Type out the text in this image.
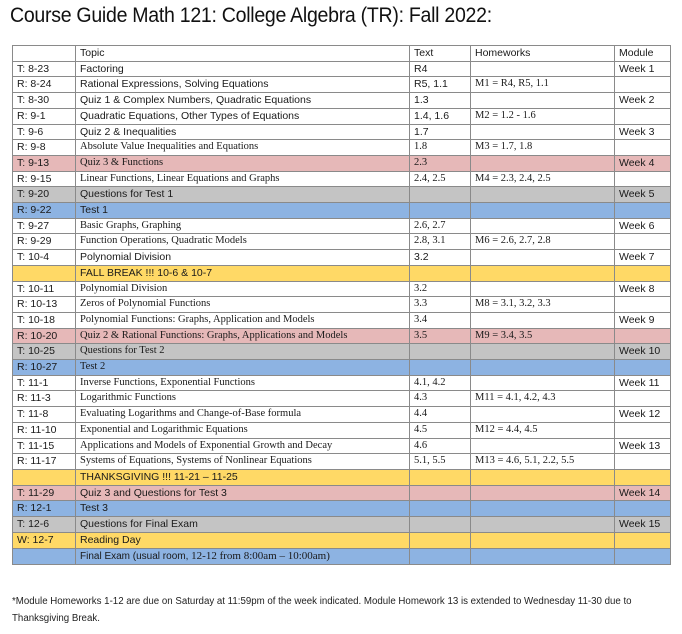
Course Guide Math 121: College Algebra (TR): Fall 2022:
	Topic	Text	Homeworks	Module
T: 8-23	Factoring	R4		Week 1
R: 8-24	Rational Expressions, Solving Equations	R5, 1.1	M1 = R4, R5, 1.1	
T: 8-30	Quiz 1 & Complex Numbers, Quadratic Equations	1.3		Week 2
R: 9-1	Quadratic Equations, Other Types of Equations	1.4, 1.6	M2 = 1.2 - 1.6	
T: 9-6	Quiz 2 & Inequalities	1.7		Week 3
R: 9-8	Absolute Value Inequalities and Equations	1.8	M3 = 1.7, 1.8	
T: 9-13	Quiz 3 & Functions	2.3		Week 4
R: 9-15	Linear Functions, Linear Equations and Graphs	2.4, 2.5	M4 = 2.3, 2.4, 2.5	
T: 9-20	Questions for Test 1			Week 5
R: 9-22	Test 1			
T: 9-27	Basic Graphs, Graphing	2.6, 2.7		Week 6
R: 9-29	Function Operations, Quadratic Models	2.8, 3.1	M6 = 2.6, 2.7, 2.8	
T: 10-4	Polynomial Division	3.2		Week 7
	FALL BREAK !!! 10-6 & 10-7			
T: 10-11	Polynomial Division	3.2		Week 8
R: 10-13	Zeros of Polynomial Functions	3.3	M8 = 3.1, 3.2, 3.3	
T: 10-18	Polynomial Functions: Graphs, Application and Models	3.4		Week 9
R: 10-20	Quiz 2 & Rational Functions: Graphs, Applications and Models	3.5	M9 = 3.4, 3.5	
T: 10-25	Questions for Test 2			Week 10
R: 10-27	Test 2			
T: 11-1	Inverse Functions, Exponential Functions	4.1, 4.2		Week 11
R: 11-3	Logarithmic Functions	4.3	M11 = 4.1, 4.2, 4.3	
T: 11-8	Evaluating Logarithms and Change-of-Base formula	4.4		Week 12
R: 11-10	Exponential and Logarithmic Equations	4.5	M12 = 4.4, 4.5	
T: 11-15	Applications and Models of Exponential Growth and Decay	4.6		Week 13
R: 11-17	Systems of Equations, Systems of Nonlinear Equations	5.1, 5.5	M13 = 4.6, 5.1, 2.2, 5.5	
	THANKSGIVING !!! 11-21 – 11-25			
T: 11-29	Quiz 3 and Questions for Test 3			Week 14
R: 12-1	Test 3			
T: 12-6	Questions for Final Exam			Week 15
W: 12-7	Reading Day			
	Final Exam (usual room, 12-12 from 8:00am – 10:00am)			
*Module Homeworks 1-12 are due on Saturday at 11:59pm of the week indicated. Module Homework 13 is extended to Wednesday 11-30 due to Thanksgiving Break.
